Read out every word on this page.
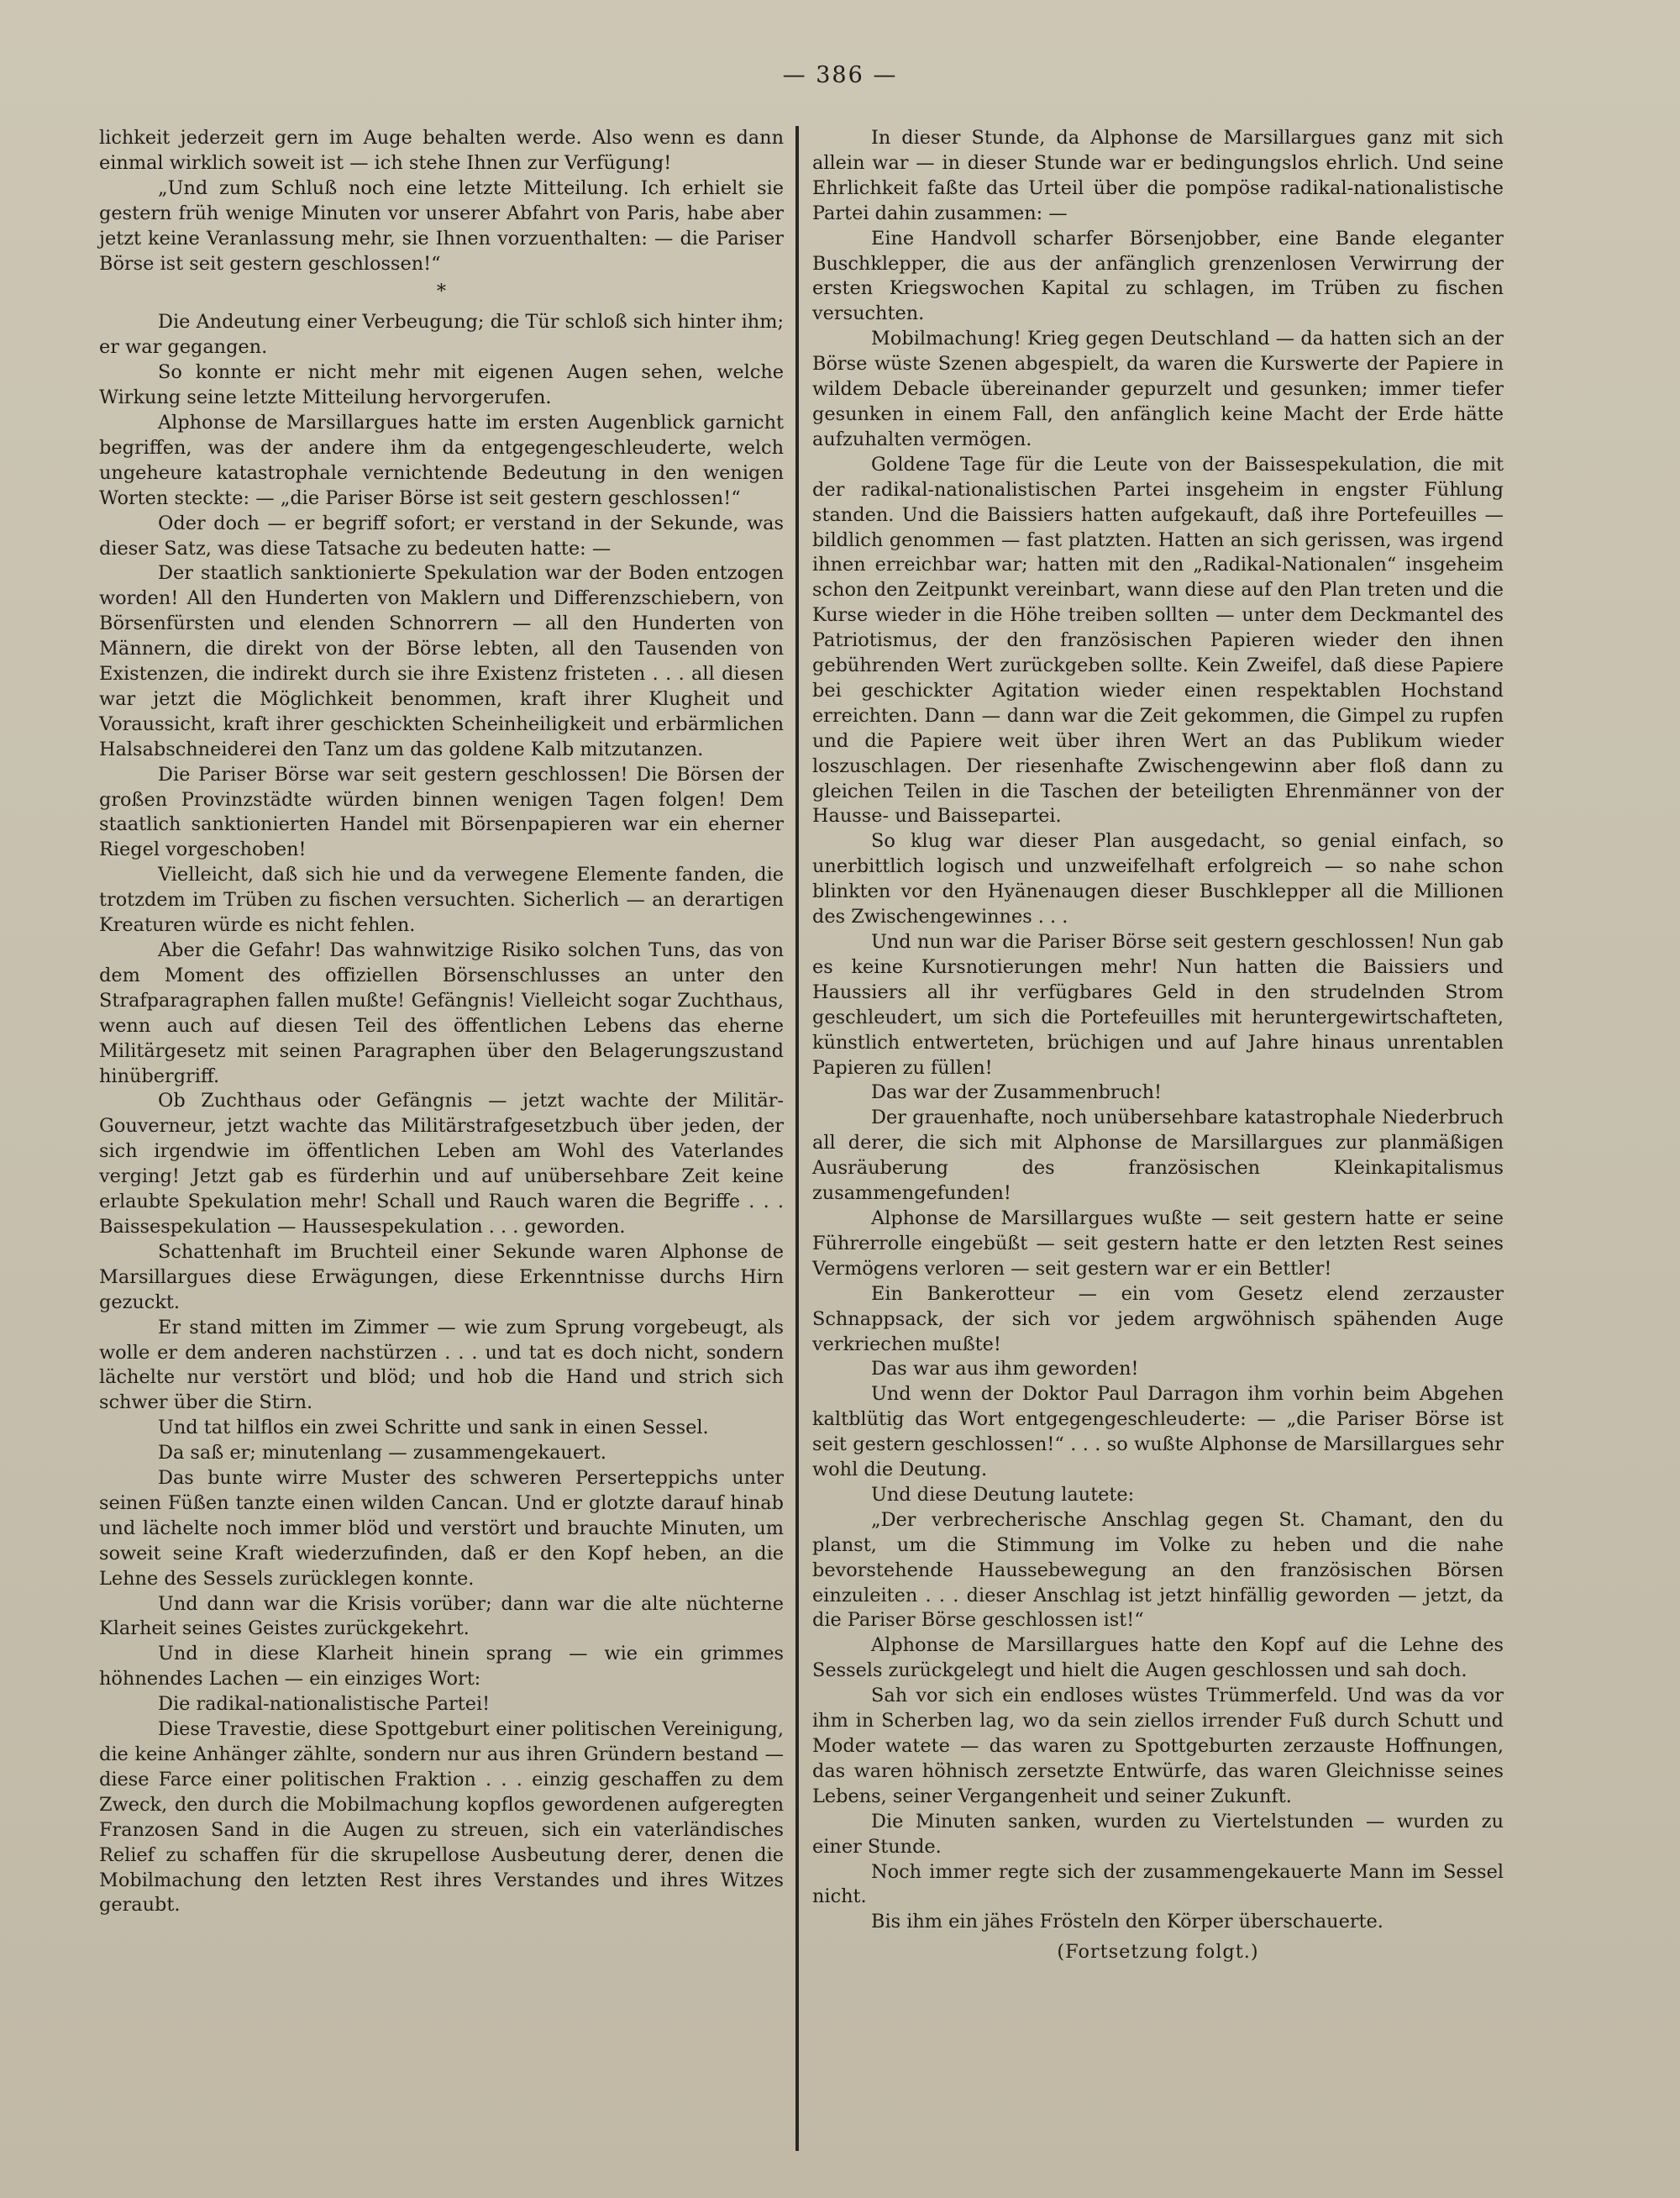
— 386 —

lichkeit jederzeit gern im Auge behalten werde. Also wenn es dann einmal wirklich soweit ist — ich stehe Ihnen zur Verfügung!

„Und zum Schluß noch eine letzte Mitteilung. Ich erhielt sie gestern früh wenige Minuten vor unserer Abfahrt von Paris, habe aber jetzt keine Veranlassung mehr, sie Ihnen vorzuenthalten: — die Pariser Börse ist seit gestern geschlossen!“

*

Die Andeutung einer Verbeugung; die Tür schloß sich hinter ihm; er war gegangen.

So konnte er nicht mehr mit eigenen Augen sehen, welche Wirkung seine letzte Mitteilung hervorgerufen.

Alphonse de Marsillargues hatte im ersten Augenblick garnicht begriffen, was der andere ihm da entgegengeschleuderte, welch ungeheure katastrophale vernichtende Bedeutung in den wenigen Worten steckte: — „die Pariser Börse ist seit gestern geschlossen!“

Oder doch — er begriff sofort; er verstand in der Sekunde, was dieser Satz, was diese Tatsache zu bedeuten hatte: —

Der staatlich sanktionierte Spekulation war der Boden entzogen worden! All den Hunderten von Maklern und Differenzschiebern, von Börsenfürsten und elenden Schnorrern — all den Hunderten von Männern, die direkt von der Börse lebten, all den Tausenden von Existenzen, die indirekt durch sie ihre Existenz fristeten . . . all diesen war jetzt die Möglichkeit benommen, kraft ihrer Klugheit und Voraussicht, kraft ihrer geschickten Scheinheiligkeit und erbärmlichen Halsabschneiderei den Tanz um das goldene Kalb mitzutanzen.

Die Pariser Börse war seit gestern geschlossen! Die Börsen der großen Provinzstädte würden binnen wenigen Tagen folgen! Dem staatlich sanktionierten Handel mit Börsenpapieren war ein eherner Riegel vorgeschoben!

Vielleicht, daß sich hie und da verwegene Elemente fanden, die trotzdem im Trüben zu fischen versuchten. Sicherlich — an derartigen Kreaturen würde es nicht fehlen.

Aber die Gefahr! Das wahnwitzige Risiko solchen Tuns, das von dem Moment des offiziellen Börsenschlusses an unter den Strafparagraphen fallen mußte! Gefängnis! Vielleicht sogar Zuchthaus, wenn auch auf diesen Teil des öffentlichen Lebens das eherne Militärgesetz mit seinen Paragraphen über den Belagerungszustand hinübergriff.

Ob Zuchthaus oder Gefängnis — jetzt wachte der Militär-Gouverneur, jetzt wachte das Militärstrafgesetzbuch über jeden, der sich irgendwie im öffentlichen Leben am Wohl des Vaterlandes verging! Jetzt gab es fürderhin und auf unübersehbare Zeit keine erlaubte Spekulation mehr! Schall und Rauch waren die Begriffe . . . Baissespekulation — Haussespekulation . . . geworden.

Schattenhaft im Bruchteil einer Sekunde waren Alphonse de Marsillargues diese Erwägungen, diese Erkenntnisse durchs Hirn gezuckt.

Er stand mitten im Zimmer — wie zum Sprung vorgebeugt, als wolle er dem anderen nachstürzen . . . und tat es doch nicht, sondern lächelte nur verstört und blöd; und hob die Hand und strich sich schwer über die Stirn.

Und tat hilflos ein zwei Schritte und sank in einen Sessel.

Da saß er; minutenlang — zusammengekauert.

Das bunte wirre Muster des schweren Perserteppichs unter seinen Füßen tanzte einen wilden Cancan. Und er glotzte darauf hinab und lächelte noch immer blöd und verstört und brauchte Minuten, um soweit seine Kraft wiederzufinden, daß er den Kopf heben, an die Lehne des Sessels zurücklegen konnte.

Und dann war die Krisis vorüber; dann war die alte nüchterne Klarheit seines Geistes zurückgekehrt.

Und in diese Klarheit hinein sprang — wie ein grimmes höhnendes Lachen — ein einziges Wort:

Die radikal-nationalistische Partei!

Diese Travestie, diese Spottgeburt einer politischen Vereinigung, die keine Anhänger zählte, sondern nur aus ihren Gründern bestand — diese Farce einer politischen Fraktion . . . einzig geschaffen zu dem Zweck, den durch die Mobilmachung kopflos gewordenen aufgeregten Franzosen Sand in die Augen zu streuen, sich ein vaterländisches Relief zu schaffen für die skrupellose Ausbeutung derer, denen die Mobilmachung den letzten Rest ihres Verstandes und ihres Witzes geraubt.

In dieser Stunde, da Alphonse de Marsillargues ganz mit sich allein war — in dieser Stunde war er bedingungslos ehrlich. Und seine Ehrlichkeit faßte das Urteil über die pompöse radikal-nationalistische Partei dahin zusammen: —

Eine Handvoll scharfer Börsenjobber, eine Bande eleganter Buschklepper, die aus der anfänglich grenzenlosen Verwirrung der ersten Kriegswochen Kapital zu schlagen, im Trüben zu fischen versuchten.

Mobilmachung! Krieg gegen Deutschland — da hatten sich an der Börse wüste Szenen abgespielt, da waren die Kurswerte der Papiere in wildem Debacle übereinander gepurzelt und gesunken; immer tiefer gesunken in einem Fall, den anfänglich keine Macht der Erde hätte aufzuhalten vermögen.

Goldene Tage für die Leute von der Baissespekulation, die mit der radikal-nationalistischen Partei insgeheim in engster Fühlung standen. Und die Baissiers hatten aufgekauft, daß ihre Portefeuilles — bildlich genommen — fast platzten. Hatten an sich gerissen, was irgend ihnen erreichbar war; hatten mit den „Radikal-Nationalen“ insgeheim schon den Zeitpunkt vereinbart, wann diese auf den Plan treten und die Kurse wieder in die Höhe treiben sollten — unter dem Deckmantel des Patriotismus, der den französischen Papieren wieder den ihnen gebührenden Wert zurückgeben sollte. Kein Zweifel, daß diese Papiere bei geschickter Agitation wieder einen respektablen Hochstand erreichten. Dann — dann war die Zeit gekommen, die Gimpel zu rupfen und die Papiere weit über ihren Wert an das Publikum wieder loszuschlagen. Der riesenhafte Zwischengewinn aber floß dann zu gleichen Teilen in die Taschen der beteiligten Ehrenmänner von der Hausse- und Baissepartei.

So klug war dieser Plan ausgedacht, so genial einfach, so unerbittlich logisch und unzweifelhaft erfolgreich — so nahe schon blinkten vor den Hyänenaugen dieser Buschklepper all die Millionen des Zwischengewinnes . . .

Und nun war die Pariser Börse seit gestern geschlossen! Nun gab es keine Kursnotierungen mehr! Nun hatten die Baissiers und Haussiers all ihr verfügbares Geld in den strudelnden Strom geschleudert, um sich die Portefeuilles mit heruntergewirtschafteten, künstlich entwerteten, brüchigen und auf Jahre hinaus unrentablen Papieren zu füllen!

Das war der Zusammenbruch!

Der grauenhafte, noch unübersehbare katastrophale Niederbruch all derer, die sich mit Alphonse de Marsillargues zur planmäßigen Ausräuberung des französischen Kleinkapitalismus zusammengefunden!

Alphonse de Marsillargues wußte — seit gestern hatte er seine Führerrolle eingebüßt — seit gestern hatte er den letzten Rest seines Vermögens verloren — seit gestern war er ein Bettler!

Ein Bankerotteur — ein vom Gesetz elend zerzauster Schnappsack, der sich vor jedem argwöhnisch spähenden Auge verkriechen mußte!

Das war aus ihm geworden!

Und wenn der Doktor Paul Darragon ihm vorhin beim Abgehen kaltblütig das Wort entgegengeschleuderte: — „die Pariser Börse ist seit gestern geschlossen!“ . . . so wußte Alphonse de Marsillargues sehr wohl die Deutung.

Und diese Deutung lautete:

„Der verbrecherische Anschlag gegen St. Chamant, den du planst, um die Stimmung im Volke zu heben und die nahe bevorstehende Haussebewegung an den französischen Börsen einzuleiten . . . dieser Anschlag ist jetzt hinfällig geworden — jetzt, da die Pariser Börse geschlossen ist!“

Alphonse de Marsillargues hatte den Kopf auf die Lehne des Sessels zurückgelegt und hielt die Augen geschlossen und sah doch.

Sah vor sich ein endloses wüstes Trümmerfeld. Und was da vor ihm in Scherben lag, wo da sein ziellos irrender Fuß durch Schutt und Moder watete — das waren zu Spottgeburten zerzauste Hoffnungen, das waren höhnisch zersetzte Entwürfe, das waren Gleichnisse seines Lebens, seiner Vergangenheit und seiner Zukunft.

Die Minuten sanken, wurden zu Viertelstunden — wurden zu einer Stunde.

Noch immer regte sich der zusammengekauerte Mann im Sessel nicht.

Bis ihm ein jähes Frösteln den Körper überschauerte.

(Fortsetzung folgt.)
